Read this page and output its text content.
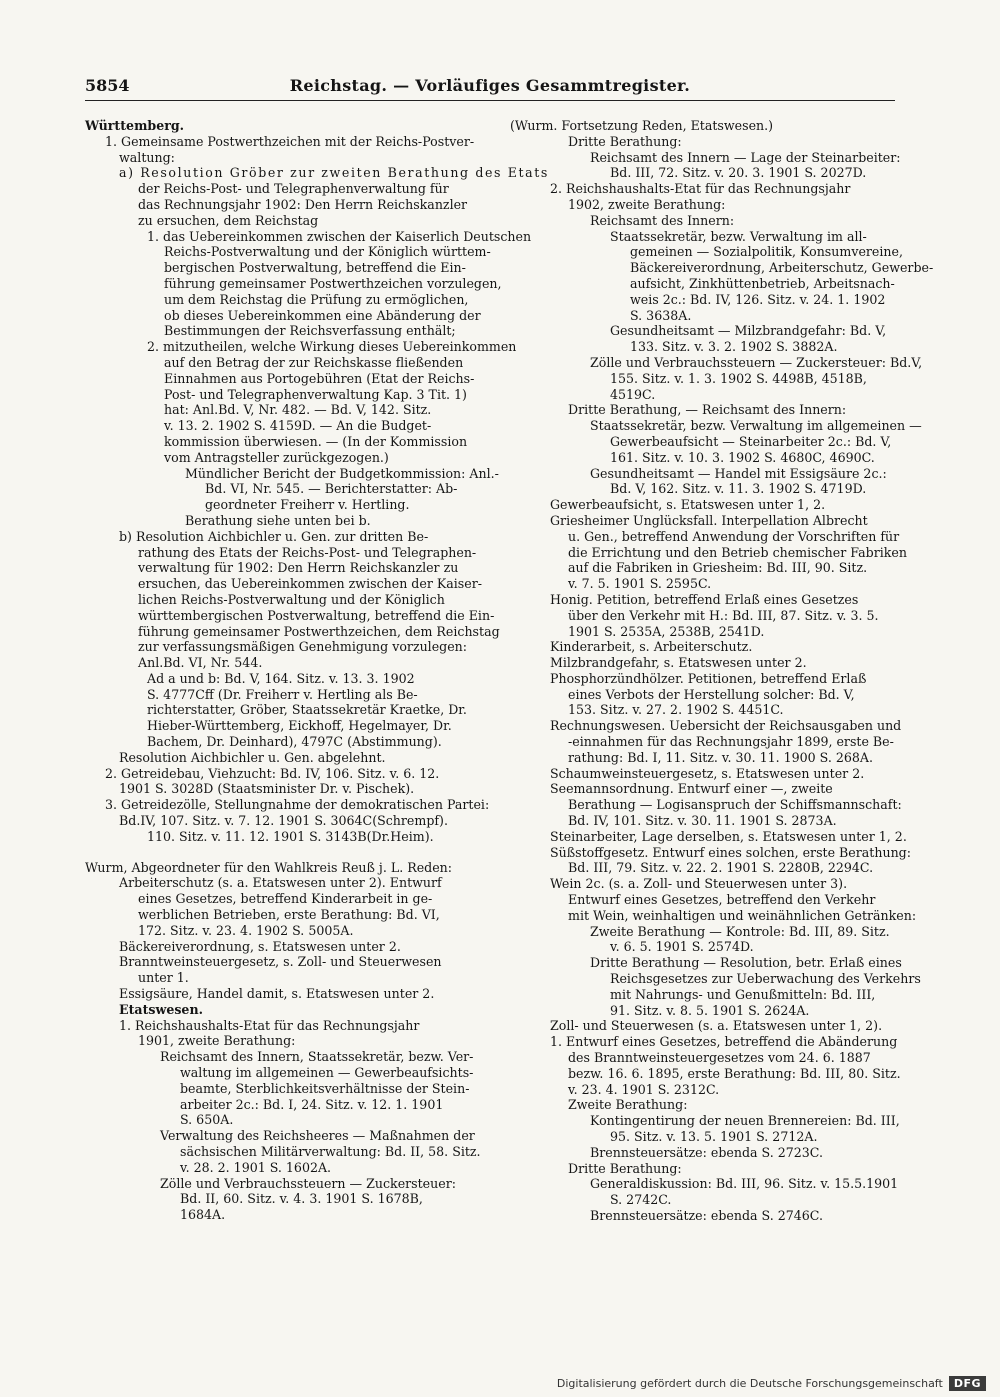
5854	Reichstag. — Vorläufiges Gesammtregister.
Württemberg.
1. Gemeinsame Postwerthzeichen mit der Reichs-Postver-
waltung:
a) Resolution Gröber zur zweiten Berathung des Etats
der Reichs-Post- und Telegraphenverwaltung für
das Rechnungsjahr 1902: Den Herrn Reichskanzler
zu ersuchen, dem Reichstag
1. das Uebereinkommen zwischen der Kaiserlich Deutschen
Reichs-Postverwaltung und der Königlich württem-
bergischen Postverwaltung, betreffend die Ein-
führung gemeinsamer Postwerthzeichen vorzulegen,
um dem Reichstag die Prüfung zu ermöglichen,
ob dieses Uebereinkommen eine Abänderung der
Bestimmungen der Reichsverfassung enthält;
2. mitzutheilen, welche Wirkung dieses Uebereinkommen
auf den Betrag der zur Reichskasse fließenden
Einnahmen aus Portogebühren (Etat der Reichs-
Post- und Telegraphenverwaltung Kap. 3 Tit. 1)
hat: Anl.Bd. V, Nr. 482. — Bd. V, 142. Sitz.
v. 13. 2. 1902 S. 4159D. — An die Budget-
kommission überwiesen. — (In der Kommission
vom Antragsteller zurückgezogen.)
Mündlicher Bericht der Budgetkommission: Anl.-
Bd. VI, Nr. 545. — Berichterstatter: Ab-
geordneter Freiherr v. Hertling.
Berathung siehe unten bei b.
b) Resolution Aichbichler u. Gen. zur dritten Be-
rathung des Etats der Reichs-Post- und Telegraphen-
verwaltung für 1902: Den Herrn Reichskanzler zu
ersuchen, das Uebereinkommen zwischen der Kaiser-
lichen Reichs-Postverwaltung und der Königlich
württembergischen Postverwaltung, betreffend die Ein-
führung gemeinsamer Postwerthzeichen, dem Reichstag
zur verfassungsmäßigen Genehmigung vorzulegen:
Anl.Bd. VI, Nr. 544.
Ad a und b: Bd. V, 164. Sitz. v. 13. 3. 1902
S. 4777Cff (Dr. Freiherr v. Hertling als Be-
richterstatter, Gröber, Staatssekretär Kraetke, Dr.
Hieber-Württemberg, Eickhoff, Hegelmayer, Dr.
Bachem, Dr. Deinhard), 4797C (Abstimmung).
Resolution Aichbichler u. Gen. abgelehnt.
2. Getreidebau, Viehzucht: Bd. IV, 106. Sitz. v. 6. 12.
1901 S. 3028D (Staatsminister Dr. v. Pischek).
3. Getreidezölle, Stellungnahme der demokratischen Partei:
Bd.IV, 107. Sitz. v. 7. 12. 1901 S. 3064C(Schrempf).
110. Sitz. v. 11. 12. 1901 S. 3143B(Dr.Heim).
Wurm, Abgeordneter für den Wahlkreis Reuß j. L. Reden:
Arbeiterschutz (s. a. Etatswesen unter 2). Entwurf
eines Gesetzes, betreffend Kinderarbeit in ge-
werblichen Betrieben, erste Berathung: Bd. VI,
172. Sitz. v. 23. 4. 1902 S. 5005A.
Bäckereiverordnung, s. Etatswesen unter 2.
Branntweinsteuergesetz, s. Zoll- und Steuerwesen
unter 1.
Essigsäure, Handel damit, s. Etatswesen unter 2.
Etatswesen.
1. Reichshaushalts-Etat für das Rechnungsjahr
1901, zweite Berathung:
Reichsamt des Innern, Staatssekretär, bezw. Ver-
waltung im allgemeinen — Gewerbeaufsichts-
beamte, Sterblichkeitsverhältnisse der Stein-
arbeiter 2c.: Bd. I, 24. Sitz. v. 12. 1. 1901
S. 650A.
Verwaltung des Reichsheeres — Maßnahmen der
sächsischen Militärverwaltung: Bd. II, 58. Sitz.
v. 28. 2. 1901 S. 1602A.
Zölle und Verbrauchssteuern — Zuckersteuer:
Bd. II, 60. Sitz. v. 4. 3. 1901 S. 1678B,
1684A.
(Wurm. Fortsetzung Reden, Etatswesen.)
Dritte Berathung:
Reichsamt des Innern — Lage der Steinarbeiter:
Bd. III, 72. Sitz. v. 20. 3. 1901 S. 2027D.
2. Reichshaushalts-Etat für das Rechnungsjahr
1902, zweite Berathung:
Reichsamt des Innern:
Staatssekretär, bezw. Verwaltung im all-
gemeinen — Sozialpolitik, Konsumvereine,
Bäckereiverordnung, Arbeiterschutz, Gewerbe-
aufsicht, Zinkhüttenbetrieb, Arbeitsnach-
weis 2c.: Bd. IV, 126. Sitz. v. 24. 1. 1902
S. 3638A.
Gesundheitsamt — Milzbrandgefahr: Bd. V,
133. Sitz. v. 3. 2. 1902 S. 3882A.
Zölle und Verbrauchssteuern — Zuckersteuer: Bd.V,
155. Sitz. v. 1. 3. 1902 S. 4498B, 4518B,
4519C.
Dritte Berathung, — Reichsamt des Innern:
Staatssekretär, bezw. Verwaltung im allgemeinen —
Gewerbeaufsicht — Steinarbeiter 2c.: Bd. V,
161. Sitz. v. 10. 3. 1902 S. 4680C, 4690C.
Gesundheitsamt — Handel mit Essigsäure 2c.:
Bd. V, 162. Sitz. v. 11. 3. 1902 S. 4719D.
Gewerbeaufsicht, s. Etatswesen unter 1, 2.
Griesheimer Unglücksfall. Interpellation Albrecht
u. Gen., betreffend Anwendung der Vorschriften für
die Errichtung und den Betrieb chemischer Fabriken
auf die Fabriken in Griesheim: Bd. III, 90. Sitz.
v. 7. 5. 1901 S. 2595C.
Honig. Petition, betreffend Erlaß eines Gesetzes
über den Verkehr mit H.: Bd. III, 87. Sitz. v. 3. 5.
1901 S. 2535A, 2538B, 2541D.
Kinderarbeit, s. Arbeiterschutz.
Milzbrandgefahr, s. Etatswesen unter 2.
Phosphorzündhölzer. Petitionen, betreffend Erlaß
eines Verbots der Herstellung solcher: Bd. V,
153. Sitz. v. 27. 2. 1902 S. 4451C.
Rechnungswesen. Uebersicht der Reichsausgaben und
-einnahmen für das Rechnungsjahr 1899, erste Be-
rathung: Bd. I, 11. Sitz. v. 30. 11. 1900 S. 268A.
Schaumweinsteuergesetz, s. Etatswesen unter 2.
Seemannsordnung. Entwurf einer —, zweite
Berathung — Logisanspruch der Schiffsmannschaft:
Bd. IV, 101. Sitz. v. 30. 11. 1901 S. 2873A.
Steinarbeiter, Lage derselben, s. Etatswesen unter 1, 2.
Süßstoffgesetz. Entwurf eines solchen, erste Berathung:
Bd. III, 79. Sitz. v. 22. 2. 1901 S. 2280B, 2294C.
Wein 2c. (s. a. Zoll- und Steuerwesen unter 3).
Entwurf eines Gesetzes, betreffend den Verkehr
mit Wein, weinhaltigen und weinähnlichen Getränken:
Zweite Berathung — Kontrole: Bd. III, 89. Sitz.
v. 6. 5. 1901 S. 2574D.
Dritte Berathung — Resolution, betr. Erlaß eines
Reichsgesetzes zur Ueberwachung des Verkehrs
mit Nahrungs- und Genußmitteln: Bd. III,
91. Sitz. v. 8. 5. 1901 S. 2624A.
Zoll- und Steuerwesen (s. a. Etatswesen unter 1, 2).
1. Entwurf eines Gesetzes, betreffend die Abänderung
des Branntweinsteuergesetzes vom 24. 6. 1887
bezw. 16. 6. 1895, erste Berathung: Bd. III, 80. Sitz.
v. 23. 4. 1901 S. 2312C.
Zweite Berathung:
Kontingentirung der neuen Brennereien: Bd. III,
95. Sitz. v. 13. 5. 1901 S. 2712A.
Brennsteuersätze: ebenda S. 2723C.
Dritte Berathung:
Generaldiskussion: Bd. III, 96. Sitz. v. 15.5.1901
S. 2742C.
Brennsteuersätze: ebenda S. 2746C.
Digitalisierung gefördert durch die Deutsche Forschungsgemeinschaft	DFG
